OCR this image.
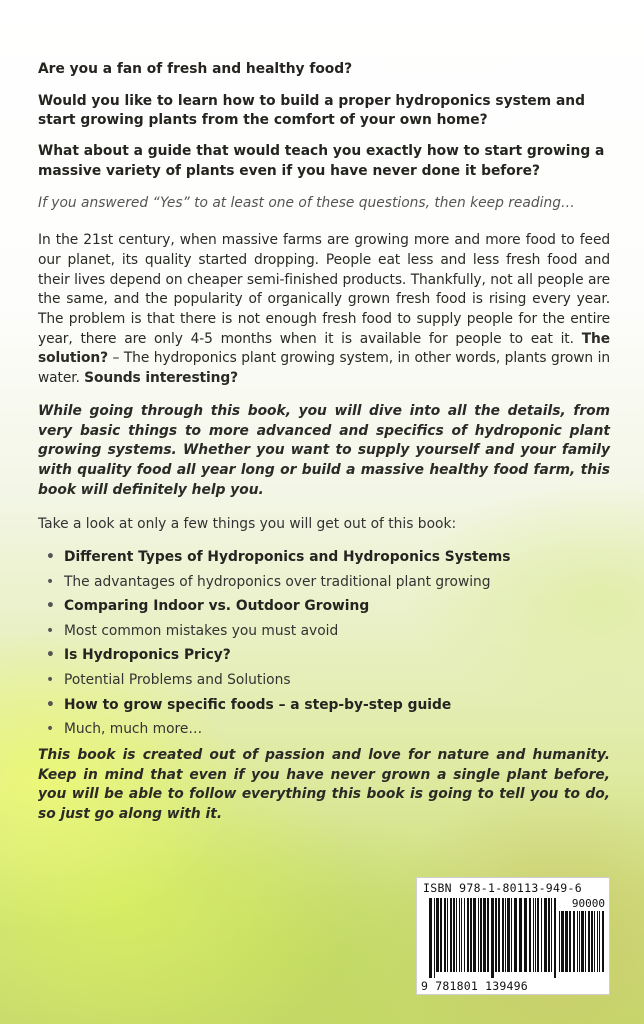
Are you a fan of fresh and healthy food?

Would you like to learn how to build a proper hydroponics system and start growing plants from the comfort of your own home?

What about a guide that would teach you exactly how to start growing a massive variety of plants even if you have never done it before?

If you answered “Yes” to at least one of these questions, then keep reading…

In the 21st century, when massive farms are growing more and more food to feed our planet, its quality started dropping. People eat less and less fresh food and their lives depend on cheaper semi-finished products. Thankfully, not all people are the same, and the popularity of organically grown fresh food is rising every year. The problem is that there is not enough fresh food to supply people for the entire year, there are only 4-5 months when it is available for people to eat it. The solution? – The hydroponics plant growing system, in other words, plants grown in water. Sounds interesting?

While going through this book, you will dive into all the details, from very basic things to more advanced and specifics of hydroponic plant growing systems. Whether you want to supply yourself and your family with quality food all year long or build a massive healthy food farm, this book will definitely help you.

Take a look at only a few things you will get out of this book:

• Different Types of Hydroponics and Hydroponics Systems
• The advantages of hydroponics over traditional plant growing
• Comparing Indoor vs. Outdoor Growing
• Most common mistakes you must avoid
• Is Hydroponics Pricy?
• Potential Problems and Solutions
• How to grow specific foods – a step-by-step guide
• Much, much more…

This book is created out of passion and love for nature and humanity. Keep in mind that even if you have never grown a single plant before, you will be able to follow everything this book is going to tell you to do, so just go along with it.

ISBN 978-1-80113-949-6
90000
9 781801 139496
